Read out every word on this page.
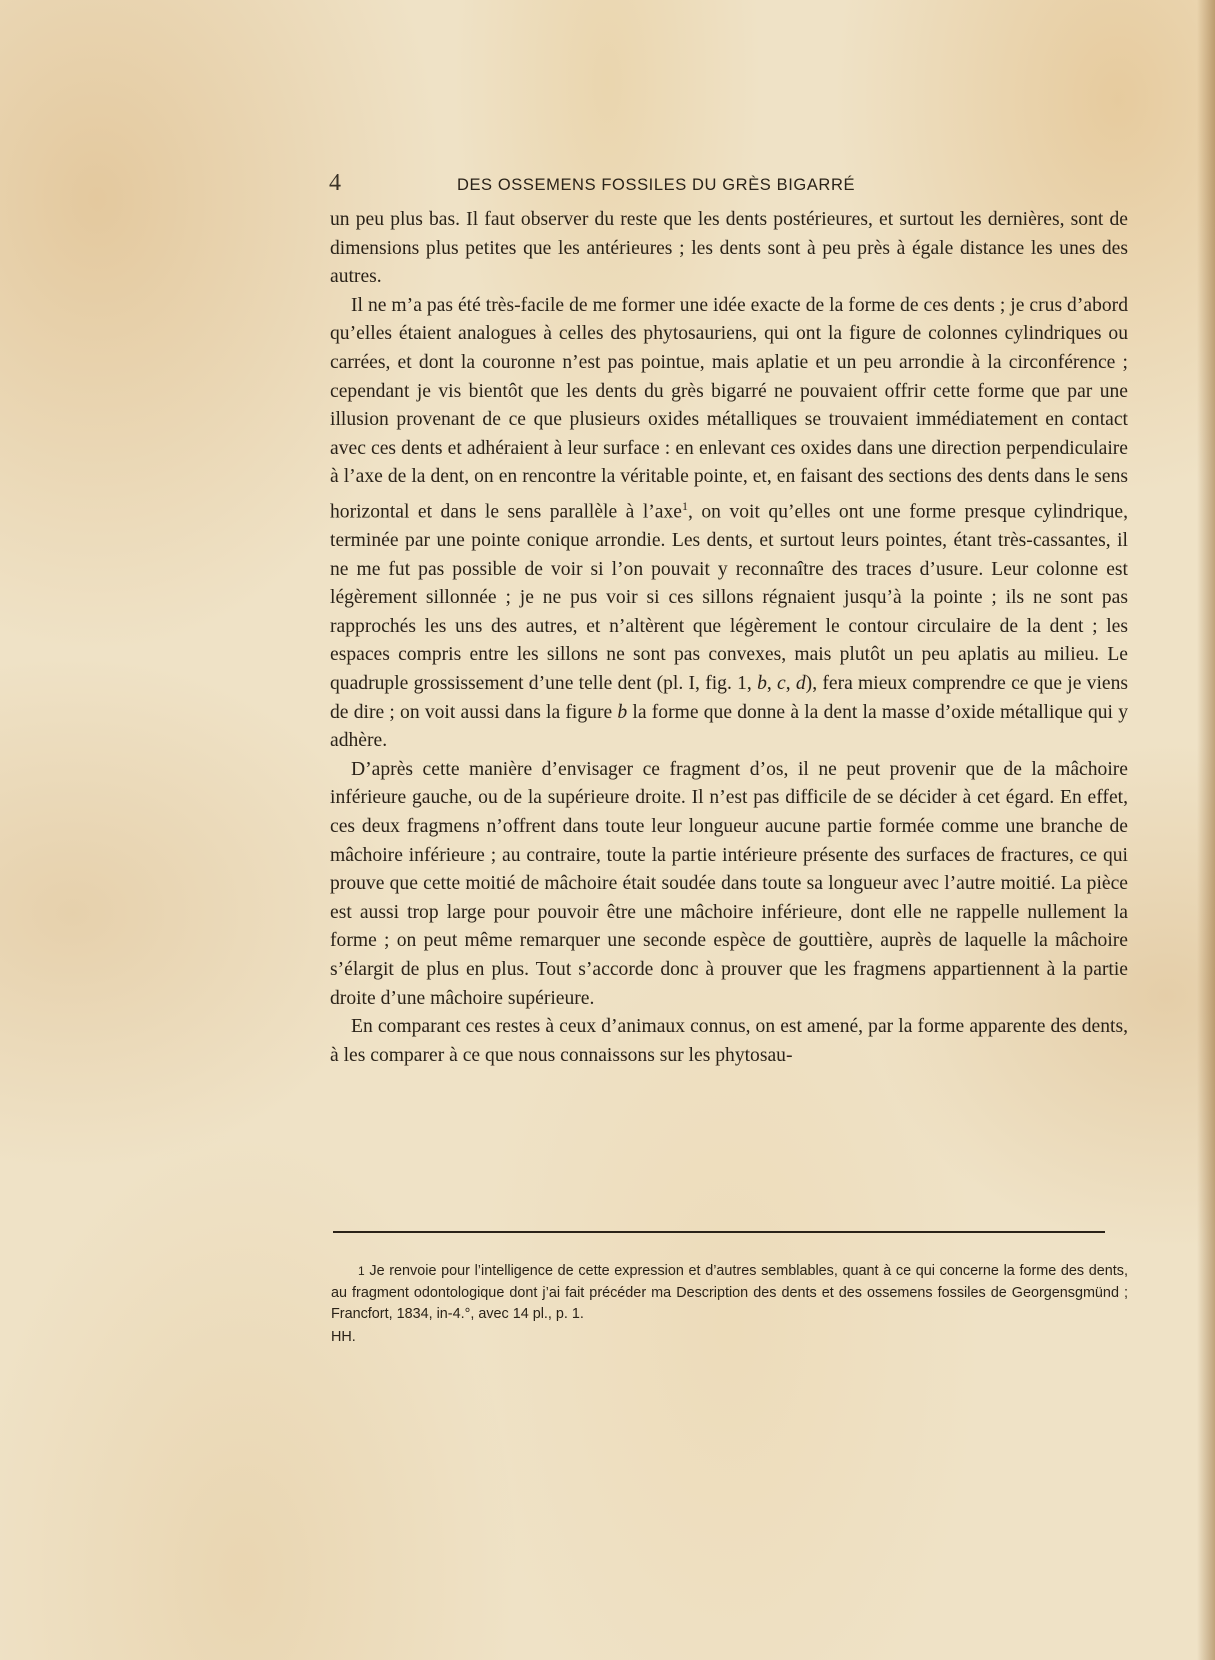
4	DES OSSEMENS FOSSILES DU GRÈS BIGARRÉ

un peu plus bas. Il faut observer du reste que les dents postérieures, et surtout les dernières, sont de dimensions plus petites que les antérieures ; les dents sont à peu près à égale distance les unes des autres.

Il ne m’a pas été très-facile de me former une idée exacte de la forme de ces dents ; je crus d’abord qu’elles étaient analogues à celles des phytosauriens, qui ont la figure de colonnes cylindriques ou carrées, et dont la couronne n’est pas pointue, mais aplatie et un peu arrondie à la circonférence ; cependant je vis bientôt que les dents du grès bigarré ne pouvaient offrir cette forme que par une illusion provenant de ce que plusieurs oxides métalliques se trouvaient immédiatement en contact avec ces dents et adhéraient à leur surface : en enlevant ces oxides dans une direction perpendiculaire à l’axe de la dent, on en rencontre la véritable pointe, et, en faisant des sections des dents dans le sens horizontal et dans le sens parallèle à l’axe$^1$, on voit qu’elles ont une forme presque cylindrique, terminée par une pointe conique arrondie. Les dents, et surtout leurs pointes, étant très-cassantes, il ne me fut pas possible de voir si l’on pouvait y reconnaître des traces d’usure. Leur colonne est légèrement sillonnée ; je ne pus voir si ces sillons régnaient jusqu’à la pointe ; ils ne sont pas rapprochés les uns des autres, et n’altèrent que légèrement le contour circulaire de la dent ; les espaces compris entre les sillons ne sont pas convexes, mais plutôt un peu aplatis au milieu. Le quadruple grossissement d’une telle dent (pl. I, fig. 1, b, c, d), fera mieux comprendre ce que je viens de dire ; on voit aussi dans la figure b la forme que donne à la dent la masse d’oxide métallique qui y adhère.

D’après cette manière d’envisager ce fragment d’os, il ne peut provenir que de la mâchoire inférieure gauche, ou de la supérieure droite. Il n’est pas difficile de se décider à cet égard. En effet, ces deux fragmens n’offrent dans toute leur longueur aucune partie formée comme une branche de mâchoire inférieure ; au contraire, toute la partie intérieure présente des surfaces de fractures, ce qui prouve que cette moitié de mâchoire était soudée dans toute sa longueur avec l’autre moitié. La pièce est aussi trop large pour pouvoir être une mâchoire inférieure, dont elle ne rappelle nullement la forme ; on peut même remarquer une seconde espèce de gouttière, auprès de laquelle la mâchoire s’élargit de plus en plus. Tout s’accorde donc à prouver que les fragmens appartiennent à la partie droite d’une mâchoire supérieure.

En comparant ces restes à ceux d’animaux connus, on est amené, par la forme apparente des dents, à les comparer à ce que nous connaissons sur les phytosau-

1 Je renvoie pour l’intelligence de cette expression et d’autres semblables, quant à ce qui concerne la forme des dents, au fragment odontologique dont j’ai fait précéder ma Description des dents et des ossemens fossiles de Georgensgmünd ; Francfort, 1834, in-4.°, avec 14 pl., p. 1.
HH.
